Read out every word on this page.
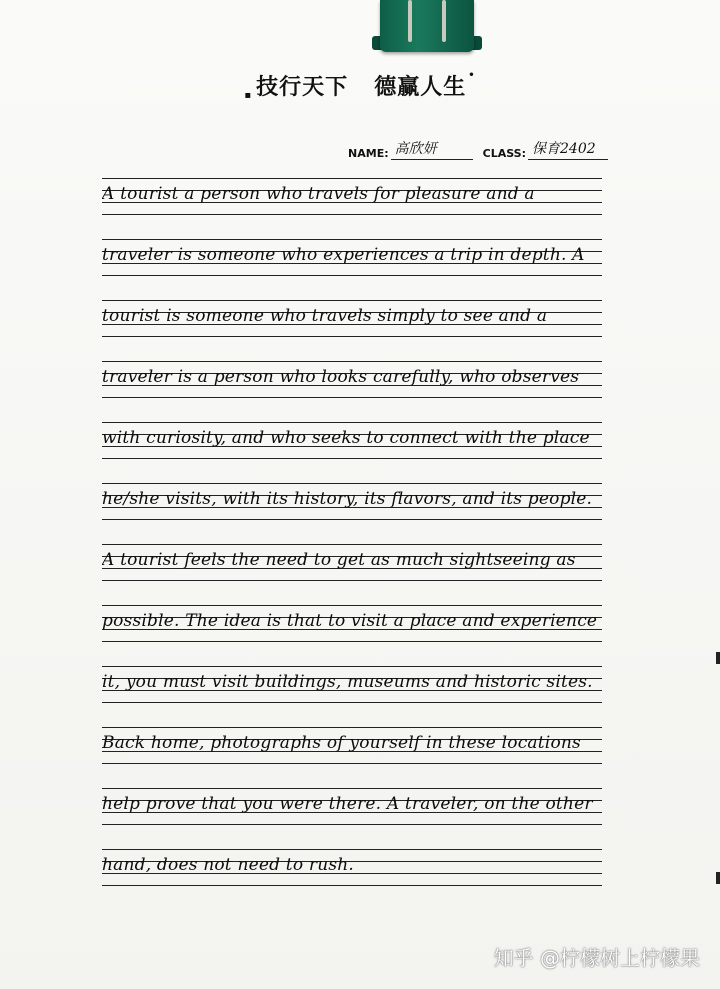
▪ 技行天下 德赢人生 •
NAME: 高欣妍	CLASS: 保育2402
A tourist a person who travels for pleasure and a
traveler is someone who experiences a trip in depth. A
tourist is someone who travels simply to see and a
traveler is a person who looks carefully, who observes
with curiosity, and who seeks to connect with the place
he/she visits, with its history, its flavors, and its people.
A tourist feels the need to get as much sightseeing as
possible. The idea is that to visit a place and experience
it, you must visit buildings, museums and historic sites.
Back home, photographs of yourself in these locations
help prove that you were there. A traveler, on the other
hand, does not need to rush.
知乎 @柠檬树上柠檬果
